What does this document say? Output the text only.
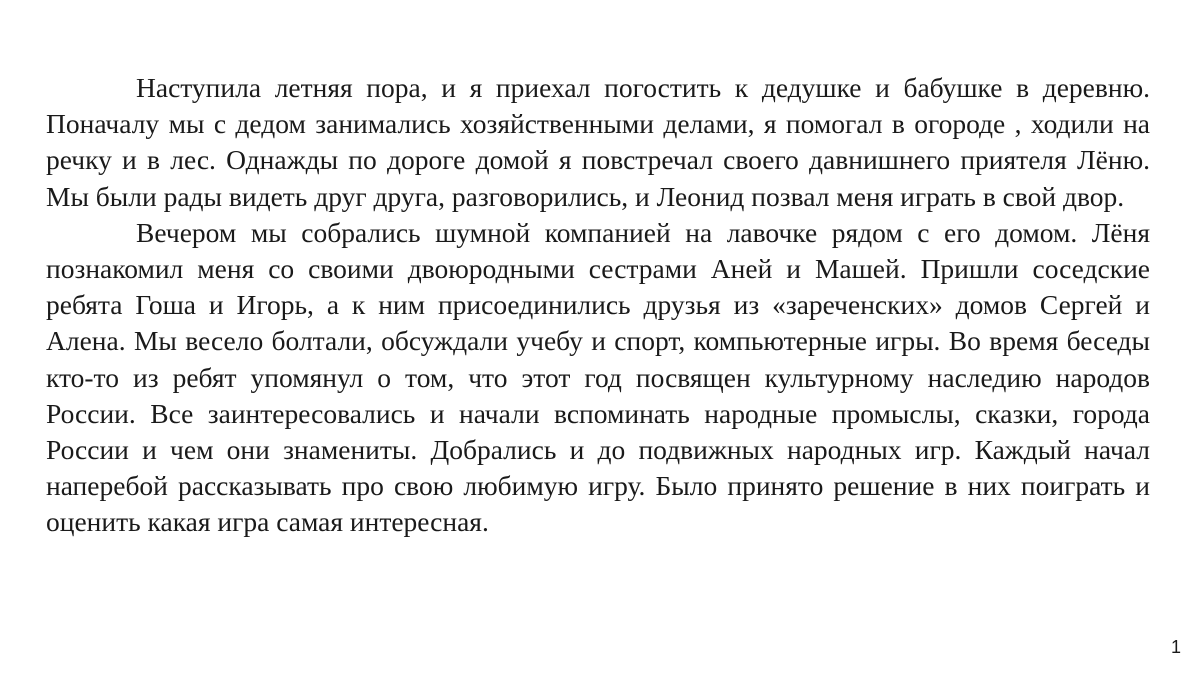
Наступила летняя пора, и я приехал погостить к дедушке и бабушке в деревню. Поначалу мы с дедом занимались хозяйственными делами, я помогал в огороде , ходили на речку и в лес. Однажды по дороге домой я повстречал своего давнишнего приятеля Лёню. Мы были рады видеть друг друга, разговорились, и Леонид позвал меня играть в свой двор.

Вечером мы собрались шумной компанией на лавочке рядом с его домом. Лёня познакомил меня со своими двоюродными сестрами Аней и Машей. Пришли соседские ребята Гоша и Игорь, а к ним присоединились друзья из «зареченских» домов Сергей и Алена. Мы весело болтали, обсуждали учебу и спорт, компьютерные игры. Во время беседы кто-то из ребят упомянул о том, что этот год посвящен культурному наследию народов России. Все заинтересовались и начали вспоминать народные промыслы, сказки, города России и чем они знамениты. Добрались и до подвижных народных игр. Каждый начал наперебой рассказывать про свою любимую игру. Было принято решение в них поиграть и оценить какая игра самая интересная.

1
